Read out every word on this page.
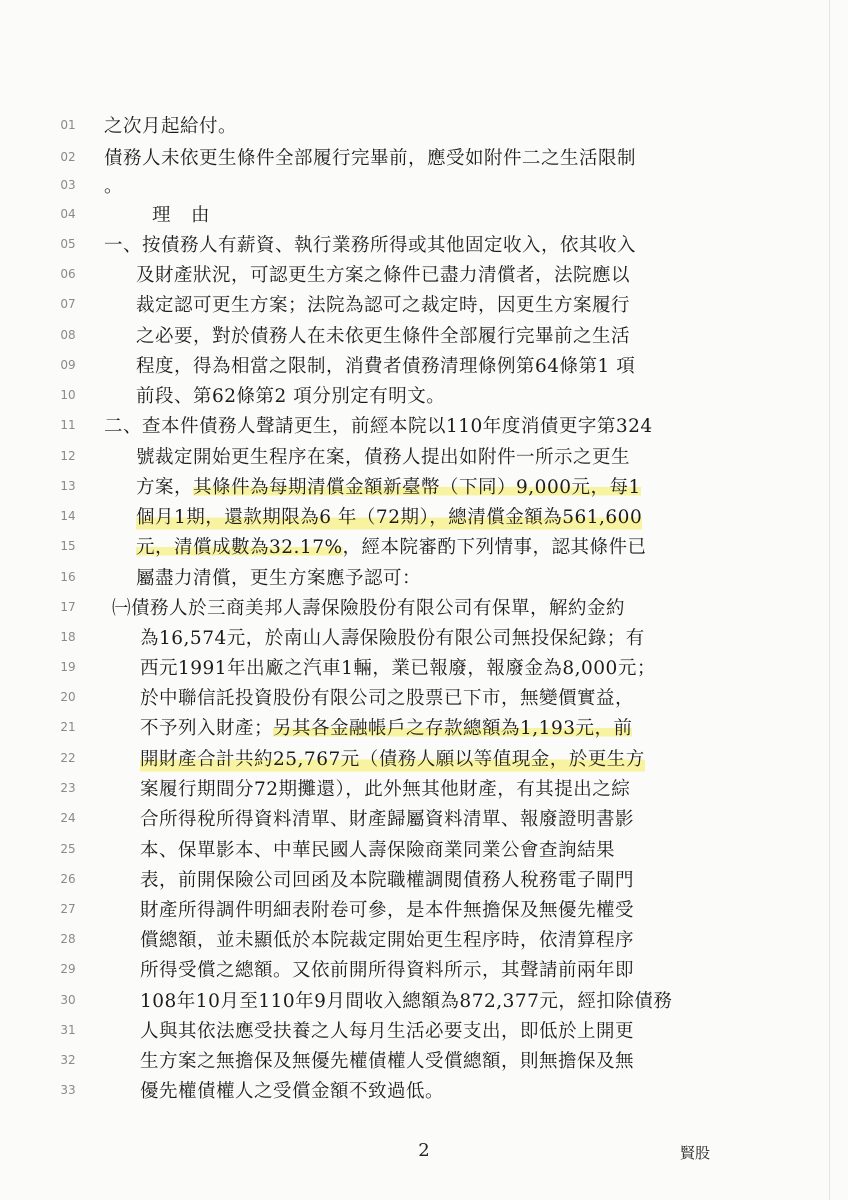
01	之次月起給付。
02	債務人未依更生條件全部履行完畢前，應受如附件二之生活限制
03	。
04	理　由
05	一、按債務人有薪資、執行業務所得或其他固定收入，依其收入
06	及財產狀況，可認更生方案之條件已盡力清償者，法院應以
07	裁定認可更生方案；法院為認可之裁定時，因更生方案履行
08	之必要，對於債務人在未依更生條件全部履行完畢前之生活
09	程度，得為相當之限制，消費者債務清理條例第64條第1 項
10	前段、第62條第2 項分別定有明文。
11	二、查本件債務人聲請更生，前經本院以110年度消債更字第324
12	號裁定開始更生程序在案，債務人提出如附件一所示之更生
13	方案，其條件為每期清償金額新臺幣（下同）9,000元，每1
14	個月1期，還款期限為6 年（72期），總清償金額為561,600
15	元，清償成數為32.17%，經本院審酌下列情事，認其條件已
16	屬盡力清償，更生方案應予認可：
17	㈠債務人於三商美邦人壽保險股份有限公司有保單，解約金約
18	為16,574元，於南山人壽保險股份有限公司無投保紀錄；有
19	西元1991年出廠之汽車1輛，業已報廢，報廢金為8,000元；
20	於中聯信託投資股份有限公司之股票已下市，無變價實益，
21	不予列入財產；另其各金融帳戶之存款總額為1,193元，前
22	開財產合計共約25,767元（債務人願以等值現金，於更生方
23	案履行期間分72期攤還），此外無其他財產，有其提出之綜
24	合所得稅所得資料清單、財產歸屬資料清單、報廢證明書影
25	本、保單影本、中華民國人壽保險商業同業公會查詢結果
26	表，前開保險公司回函及本院職權調閱債務人稅務電子閘門
27	財產所得調件明細表附卷可參，是本件無擔保及無優先權受
28	償總額，並未顯低於本院裁定開始更生程序時，依清算程序
29	所得受償之總額。又依前開所得資料所示，其聲請前兩年即
30	108年10月至110年9月間收入總額為872,377元，經扣除債務
31	人與其依法應受扶養之人每月生活必要支出，即低於上開更
32	生方案之無擔保及無優先權債權人受償總額，則無擔保及無
33	優先權債權人之受償金額不致過低。
2	賢股
